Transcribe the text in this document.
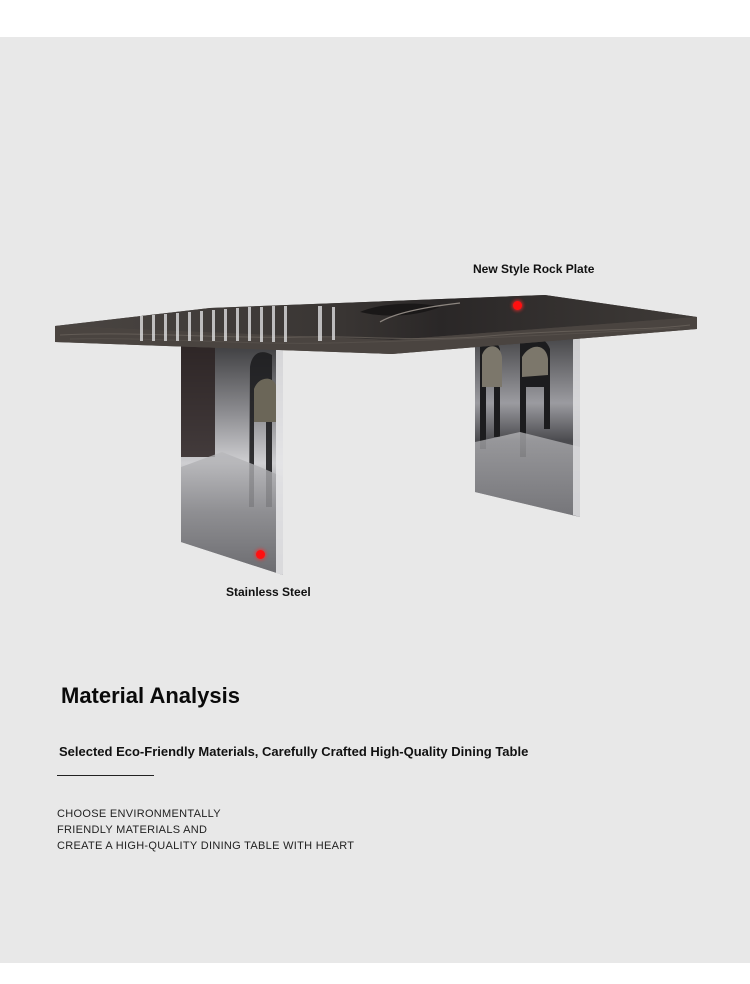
New Style Rock Plate
Stainless Steel
Material Analysis
Selected Eco-Friendly Materials, Carefully Crafted High-Quality Dining Table
CHOOSE ENVIRONMENTALLY
FRIENDLY MATERIALS AND
CREATE A HIGH-QUALITY DINING TABLE WITH HEART
